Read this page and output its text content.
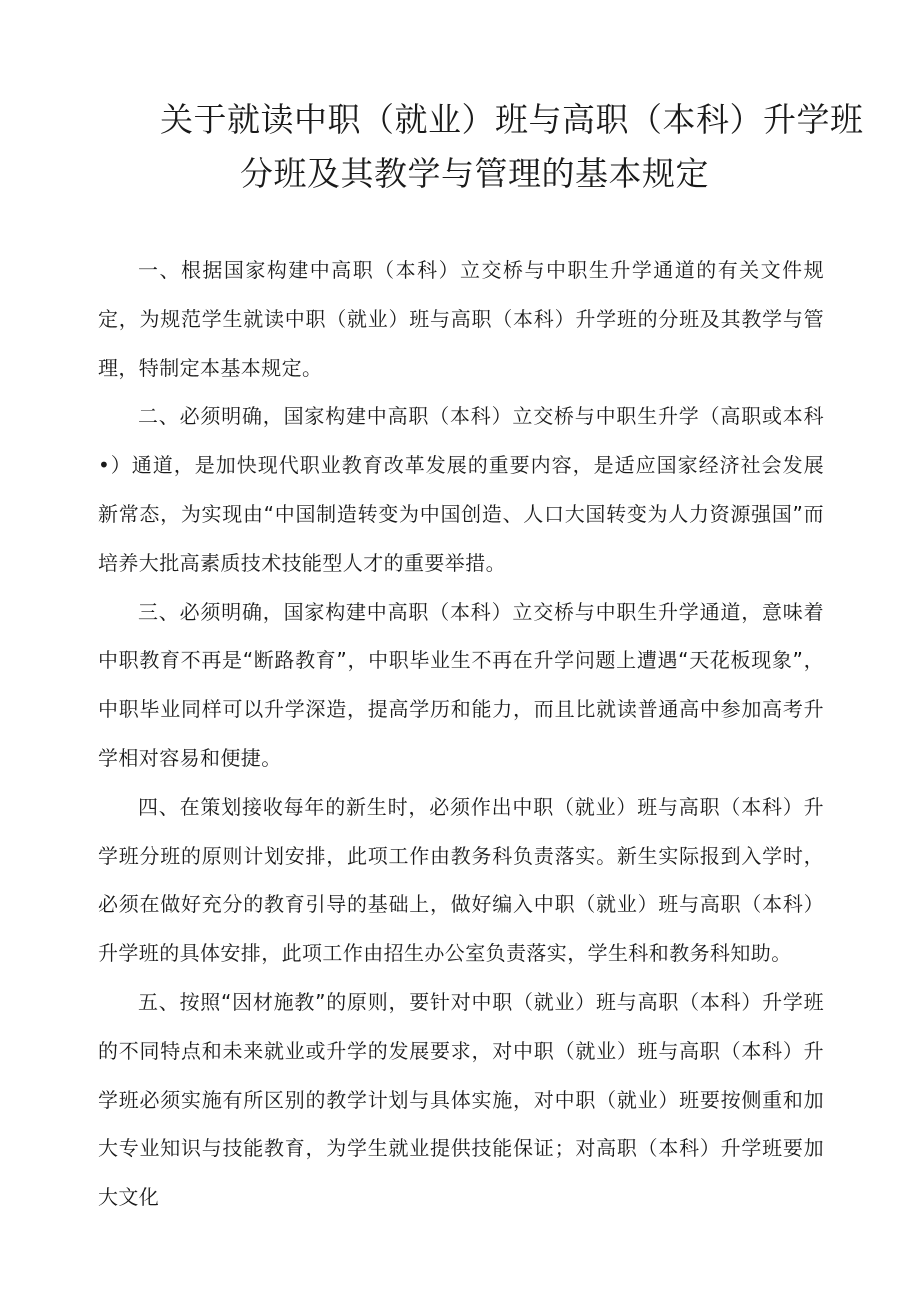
关于就读中职（就业）班与高职（本科）升学班
分班及其教学与管理的基本规定

一、根据国家构建中高职（本科）立交桥与中职生升学通道的有关文件规定，为规范学生就读中职（就业）班与高职（本科）升学班的分班及其教学与管理，特制定本基本规定。

二、必须明确，国家构建中高职（本科）立交桥与中职生升学（高职或本科•）通道，是加快现代职业教育改革发展的重要内容，是适应国家经济社会发展新常态，为实现由“中国制造转变为中国创造、人口大国转变为人力资源强国”而培养大批高素质技术技能型人才的重要举措。

三、必须明确，国家构建中高职（本科）立交桥与中职生升学通道，意味着中职教育不再是“断路教育”，中职毕业生不再在升学问题上遭遇“天花板现象”，中职毕业同样可以升学深造，提高学历和能力，而且比就读普通高中参加高考升学相对容易和便捷。

四、在策划接收每年的新生时，必须作出中职（就业）班与高职（本科）升学班分班的原则计划安排，此项工作由教务科负责落实。新生实际报到入学时，必须在做好充分的教育引导的基础上，做好编入中职（就业）班与高职（本科）升学班的具体安排，此项工作由招生办公室负责落实，学生科和教务科知助。

五、按照“因材施教”的原则，要针对中职（就业）班与高职（本科）升学班的不同特点和未来就业或升学的发展要求，对中职（就业）班与高职（本科）升学班必须实施有所区别的教学计划与具体实施，对中职（就业）班要按侧重和加大专业知识与技能教育，为学生就业提供技能保证；对高职（本科）升学班要加大文化
